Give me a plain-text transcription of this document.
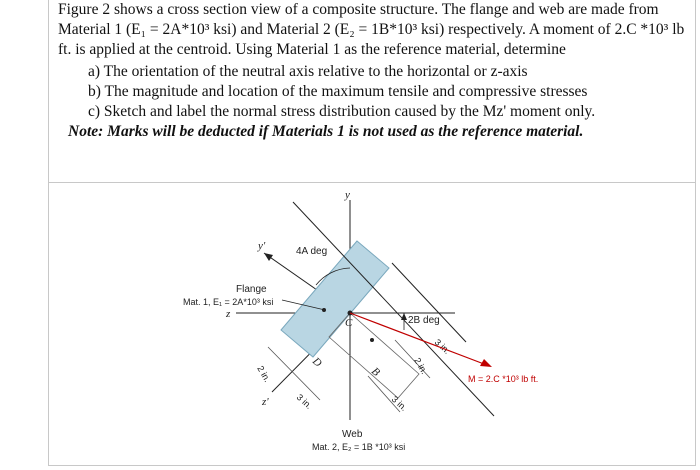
Figure 2 shows a cross section view of a composite structure. The flange and web are made from Material 1 (E₁ = 2A*10³ ksi) and Material 2 (E₂ = 1B*10³ ksi) respectively. A moment of 2.C *10³ lb ft. is applied at the centroid. Using Material 1 as the reference material, determine

a) The orientation of the neutral axis relative to the horizontal or z-axis
b) The magnitude and location of the maximum tensile and compressive stresses
c) Sketch and label the normal stress distribution caused by the Mz' moment only.

Note: Marks will be deducted if Materials 1 is not used as the reference material.

y
z
y'
z'
3 in.
4A deg
2B deg
C
D
B
2 in.
3 in.
2 in.
3 in.
Flange
Mat. 1, E₁ = 2A*10³ ksi
M = 2.C *10³ lb ft.
Web
Mat. 2, E₂ = 1B *10³ ksi
